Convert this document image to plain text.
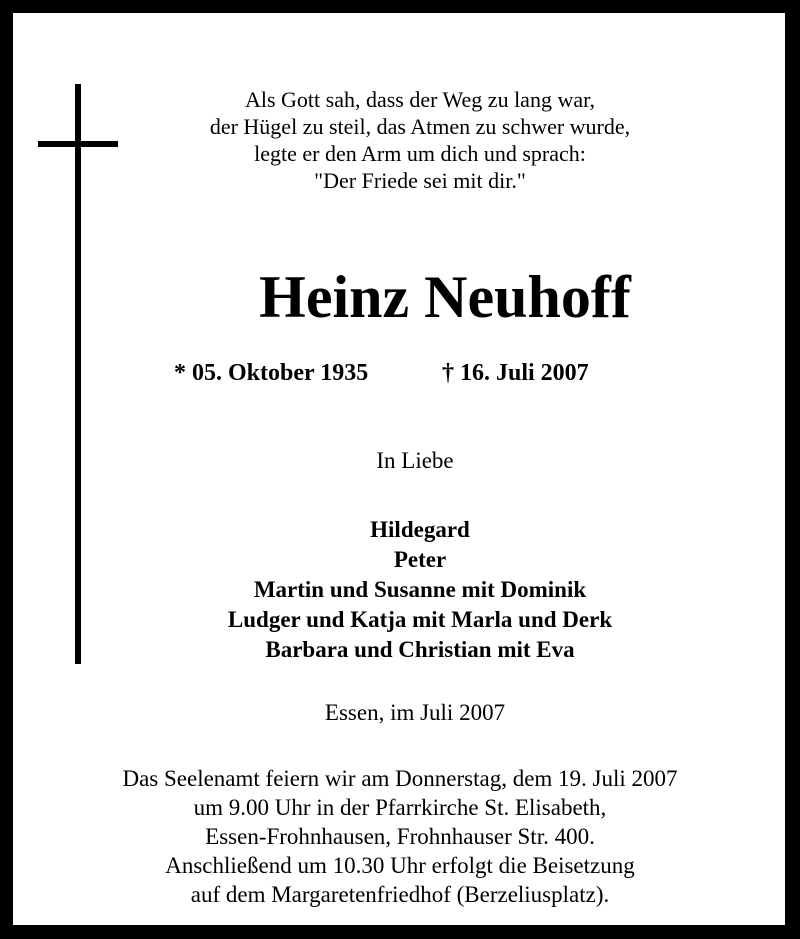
Als Gott sah, dass der Weg zu lang war,
der Hügel zu steil, das Atmen zu schwer wurde,
legte er den Arm um dich und sprach:
"Der Friede sei mit dir."
Heinz Neuhoff
* 05. Oktober 1935	† 16. Juli 2007
In Liebe
Hildegard
Peter
Martin und Susanne mit Dominik
Ludger und Katja mit Marla und Derk
Barbara und Christian mit Eva
Essen, im Juli 2007
Das Seelenamt feiern wir am Donnerstag, dem 19. Juli 2007
um 9.00 Uhr in der Pfarrkirche St. Elisabeth,
Essen-Frohnhausen, Frohnhauser Str. 400.
Anschließend um 10.30 Uhr erfolgt die Beisetzung
auf dem Margaretenfriedhof (Berzeliusplatz).
